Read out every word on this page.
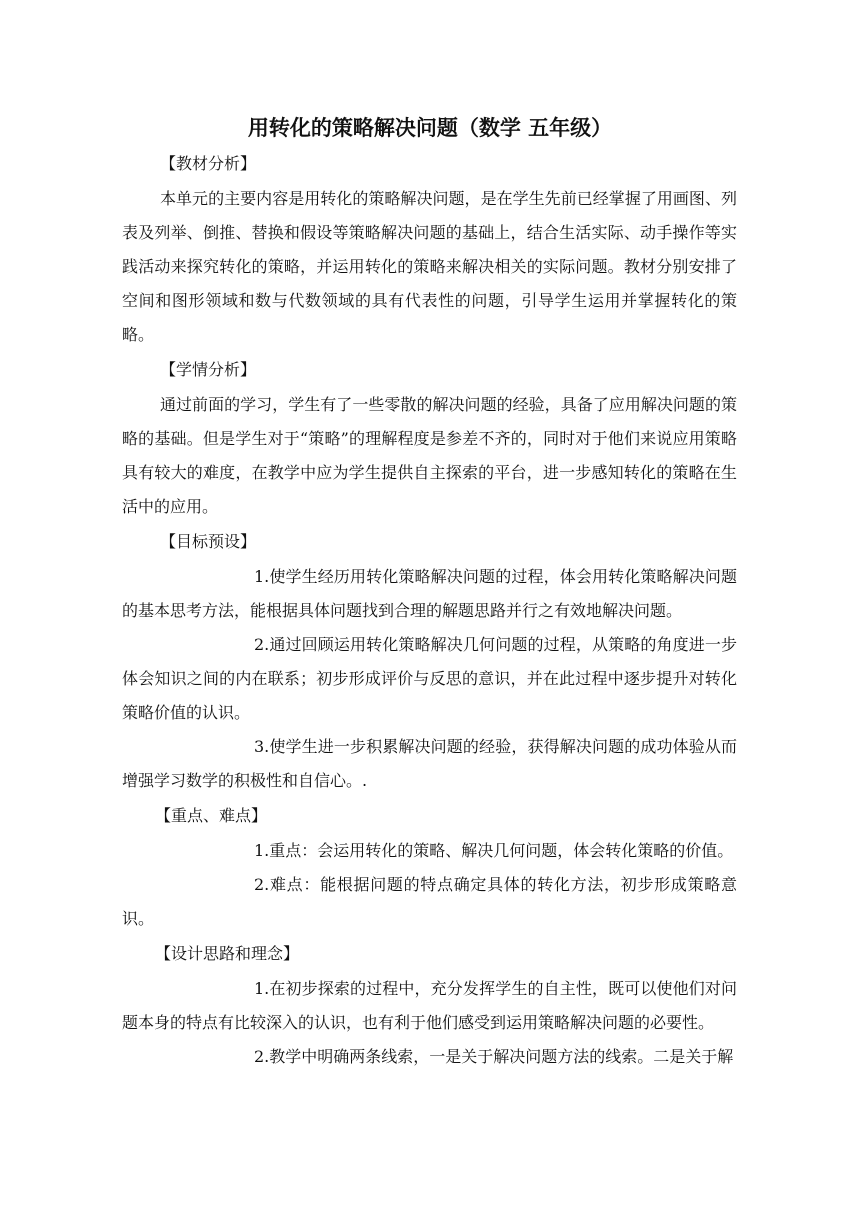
用转化的策略解决问题（数学 五年级）
【教材分析】

本单元的主要内容是用转化的策略解决问题，是在学生先前已经掌握了用画图、列表及列举、倒推、替换和假设等策略解决问题的基础上，结合生活实际、动手操作等实践活动来探究转化的策略，并运用转化的策略来解决相关的实际问题。教材分别安排了空间和图形领域和数与代数领域的具有代表性的问题，引导学生运用并掌握转化的策略。

【学情分析】

通过前面的学习，学生有了一些零散的解决问题的经验，具备了应用解决问题的策略的基础。但是学生对于“策略”的理解程度是参差不齐的，同时对于他们来说应用策略具有较大的难度，在教学中应为学生提供自主探索的平台，进一步感知转化的策略在生活中的应用。

【目标预设】

1.使学生经历用转化策略解决问题的过程，体会用转化策略解决问题的基本思考方法，能根据具体问题找到合理的解题思路并行之有效地解决问题。

2.通过回顾运用转化策略解决几何问题的过程，从策略的角度进一步体会知识之间的内在联系；初步形成评价与反思的意识，并在此过程中逐步提升对转化策略价值的认识。

3.使学生进一步积累解决问题的经验，获得解决问题的成功体验从而增强学习数学的积极性和自信心。.

【重点、难点】

1.重点：会运用转化的策略、解决几何问题，体会转化策略的价值。

2.难点：能根据问题的特点确定具体的转化方法，初步形成策略意识。

【设计思路和理念】

1.在初步探索的过程中，充分发挥学生的自主性，既可以使他们对问题本身的特点有比较深入的认识，也有利于他们感受到运用策略解决问题的必要性。

2.教学中明确两条线索，一是关于解决问题方法的线索。二是关于解
